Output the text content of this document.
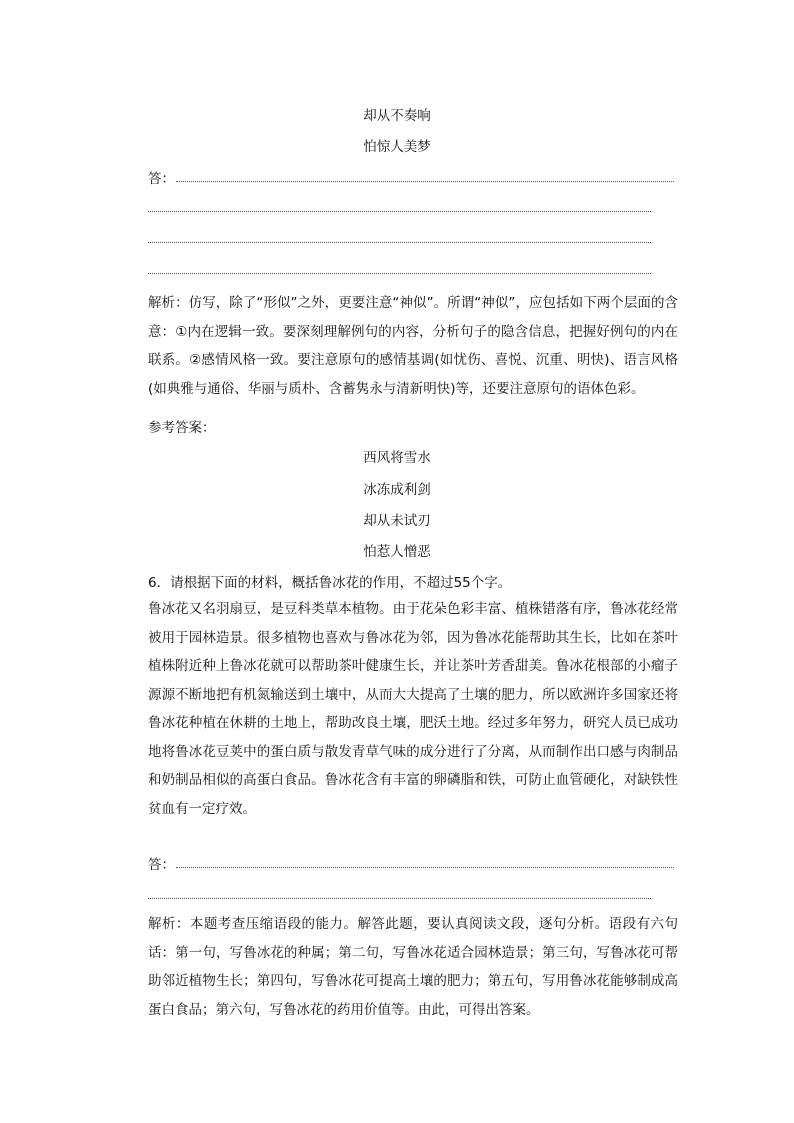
却从不奏响
怕惊人美梦
答：
解析：仿写，除了“形似”之外，更要注意“神似”。所谓“神似”，应包括如下两个层面的含意：①内在逻辑一致。要深刻理解例句的内容，分析句子的隐含信息，把握好例句的内在联系。②感情风格一致。要注意原句的感情基调(如忧伤、喜悦、沉重、明快)、语言风格(如典雅与通俗、华丽与质朴、含蓄隽永与清新明快)等，还要注意原句的语体色彩。
参考答案：
西风将雪水
冰冻成利剑
却从未试刃
怕惹人憎恶
6．请根据下面的材料，概括鲁冰花的作用，不超过55个字。
鲁冰花又名羽扇豆，是豆科类草本植物。由于花朵色彩丰富、植株错落有序，鲁冰花经常被用于园林造景。很多植物也喜欢与鲁冰花为邻，因为鲁冰花能帮助其生长，比如在茶叶植株附近种上鲁冰花就可以帮助茶叶健康生长，并让茶叶芳香甜美。鲁冰花根部的小瘤子源源不断地把有机氮输送到土壤中，从而大大提高了土壤的肥力，所以欧洲许多国家还将鲁冰花种植在休耕的土地上，帮助改良土壤，肥沃土地。经过多年努力，研究人员已成功地将鲁冰花豆荚中的蛋白质与散发青草气味的成分进行了分离，从而制作出口感与肉制品和奶制品相似的高蛋白食品。鲁冰花含有丰富的卵磷脂和铁，可防止血管硬化，对缺铁性贫血有一定疗效。
答：
解析：本题考查压缩语段的能力。解答此题，要认真阅读文段，逐句分析。语段有六句话：第一句，写鲁冰花的种属；第二句，写鲁冰花适合园林造景；第三句，写鲁冰花可帮助邻近植物生长；第四句，写鲁冰花可提高土壤的肥力；第五句，写用鲁冰花能够制成高蛋白食品；第六句，写鲁冰花的药用价值等。由此，可得出答案。
